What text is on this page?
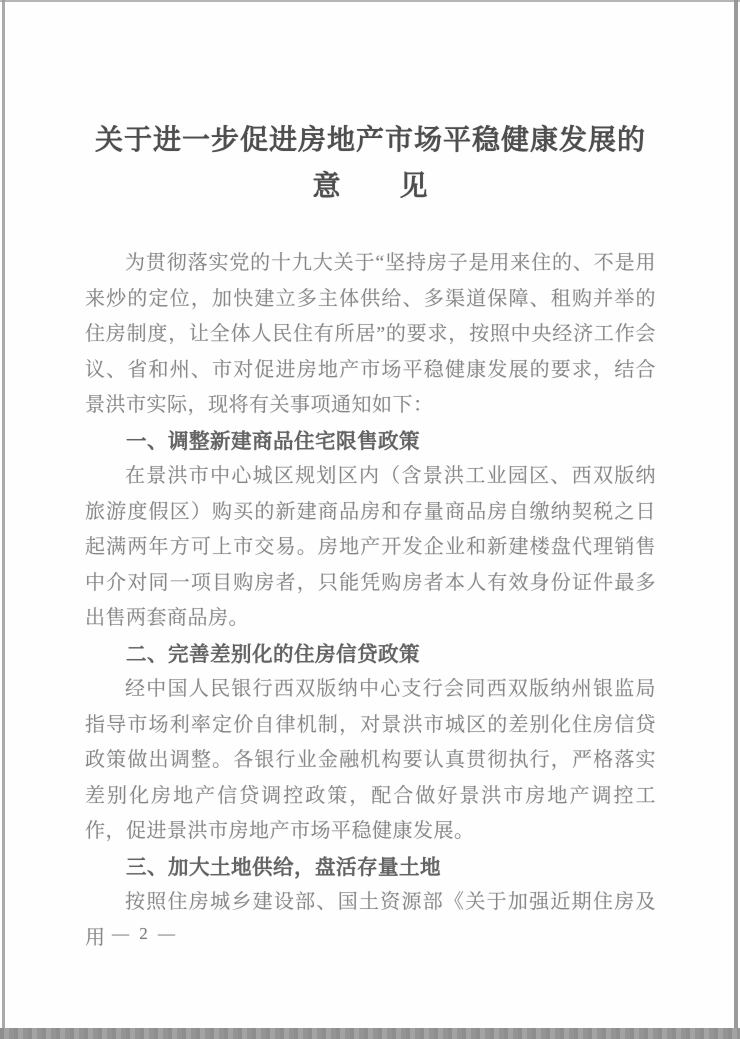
关于进一步促进房地产市场平稳健康发展的
意　　见

为贯彻落实党的十九大关于“坚持房子是用来住的、不是用来炒的定位，加快建立多主体供给、多渠道保障、租购并举的住房制度，让全体人民住有所居”的要求，按照中央经济工作会议、省和州、市对促进房地产市场平稳健康发展的要求，结合景洪市实际，现将有关事项通知如下：

一、调整新建商品住宅限售政策

在景洪市中心城区规划区内（含景洪工业园区、西双版纳旅游度假区）购买的新建商品房和存量商品房自缴纳契税之日起满两年方可上市交易。房地产开发企业和新建楼盘代理销售中介对同一项目购房者，只能凭购房者本人有效身份证件最多出售两套商品房。

二、完善差别化的住房信贷政策

经中国人民银行西双版纳中心支行会同西双版纳州银监局指导市场利率定价自律机制，对景洪市城区的差别化住房信贷政策做出调整。各银行业金融机构要认真贯彻执行，严格落实差别化房地产信贷调控政策，配合做好景洪市房地产调控工作，促进景洪市房地产市场平稳健康发展。

三、加大土地供给，盘活存量土地

按照住房城乡建设部、国土资源部《关于加强近期住房及用 — 2 —
